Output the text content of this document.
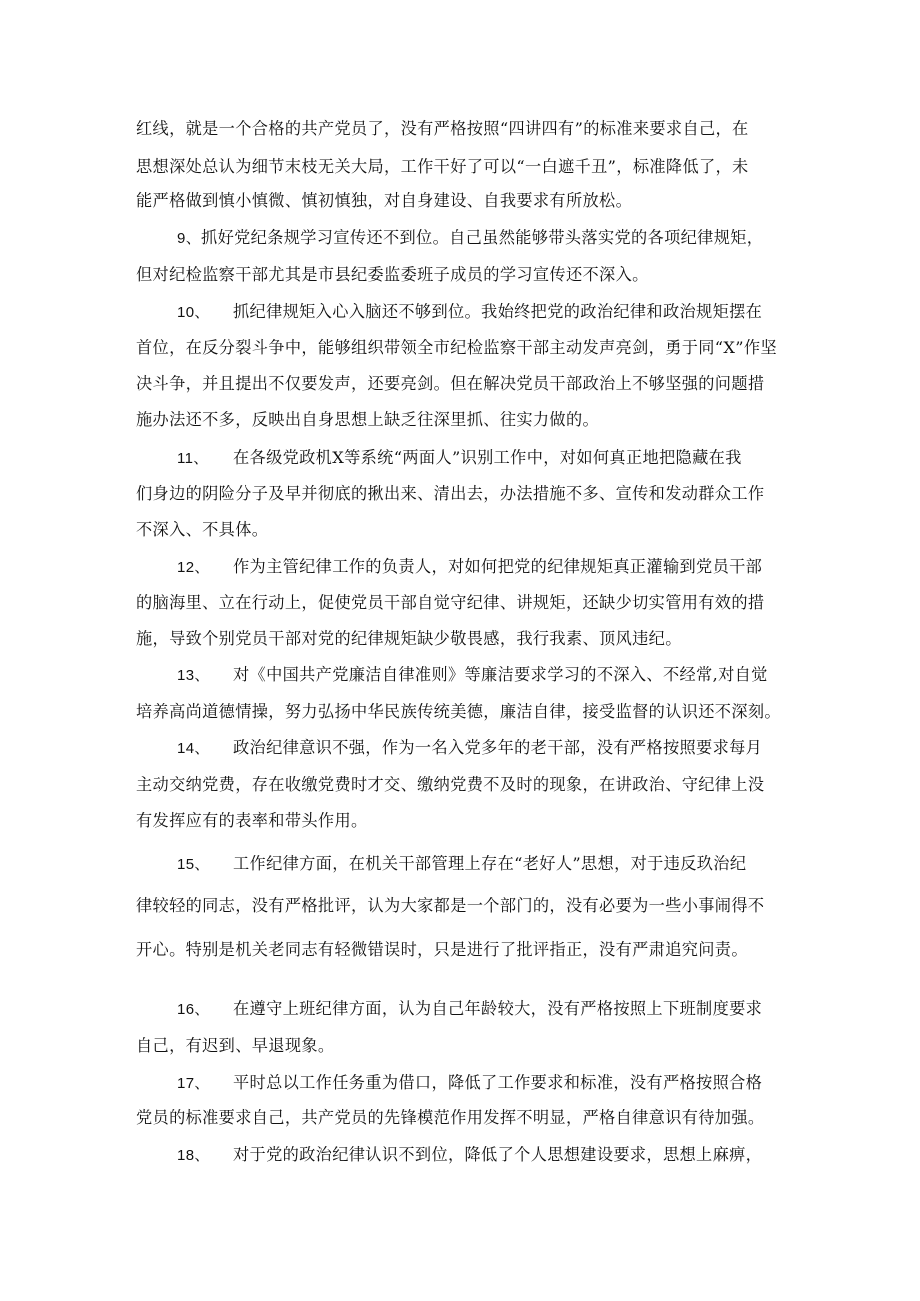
红线，就是一个合格的共产党员了，没有严格按照“四讲四有”的标准来要求自己，在
思想深处总认为细节末枝无关大局，工作干好了可以“一白遮千丑”，标准降低了，未
能严格做到慎小慎微、慎初慎独，对自身建设、自我要求有所放松。
9、抓好党纪条规学习宣传还不到位。自己虽然能够带头落实党的各项纪律规矩，
但对纪检监察干部尤其是市县纪委监委班子成员的学习宣传还不深入。
10、 抓纪律规矩入心入脑还不够到位。我始终把党的政治纪律和政治规矩摆在
首位，在反分裂斗争中，能够组织带领全市纪检监察干部主动发声亮剑，勇于同“X”作坚
决斗争，并且提出不仅要发声，还要亮剑。但在解决党员干部政治上不够坚强的问题措
施办法还不多，反映出自身思想上缺乏往深里抓、往实力做的。
11、 在各级党政机X等系统“两面人”识别工作中，对如何真正地把隐藏在我
们身边的阴险分子及早并彻底的揪出来、清出去，办法措施不多、宣传和发动群众工作
不深入、不具体。
12、 作为主管纪律工作的负责人，对如何把党的纪律规矩真正灌输到党员干部
的脑海里、立在行动上，促使党员干部自觉守纪律、讲规矩，还缺少切实管用有效的措
施，导致个别党员干部对党的纪律规矩缺少敬畏感，我行我素、顶风违纪。
13、 对《中国共产党廉洁自律准则》等廉洁要求学习的不深入、不经常,对自觉
培养高尚道德情操，努力弘扬中华民族传统美德，廉洁自律，接受监督的认识还不深刻。
14、 政治纪律意识不强，作为一名入党多年的老干部，没有严格按照要求每月
主动交纳党费，存在收缴党费时才交、缴纳党费不及时的现象，在讲政治、守纪律上没
有发挥应有的表率和带头作用。
15、 工作纪律方面，在机关干部管理上存在“老好人”思想，对于违反玖治纪
律较轻的同志，没有严格批评，认为大家都是一个部门的，没有必要为一些小事闹得不
开心。特别是机关老同志有轻微错误时，只是进行了批评指正，没有严肃追究问责。
16、 在遵守上班纪律方面，认为自己年龄较大，没有严格按照上下班制度要求
自己，有迟到、早退现象。
17、 平时总以工作任务重为借口，降低了工作要求和标准，没有严格按照合格
党员的标准要求自己，共产党员的先锋模范作用发挥不明显，严格自律意识有待加强。
18、 对于党的政治纪律认识不到位，降低了个人思想建设要求，思想上麻痹，
